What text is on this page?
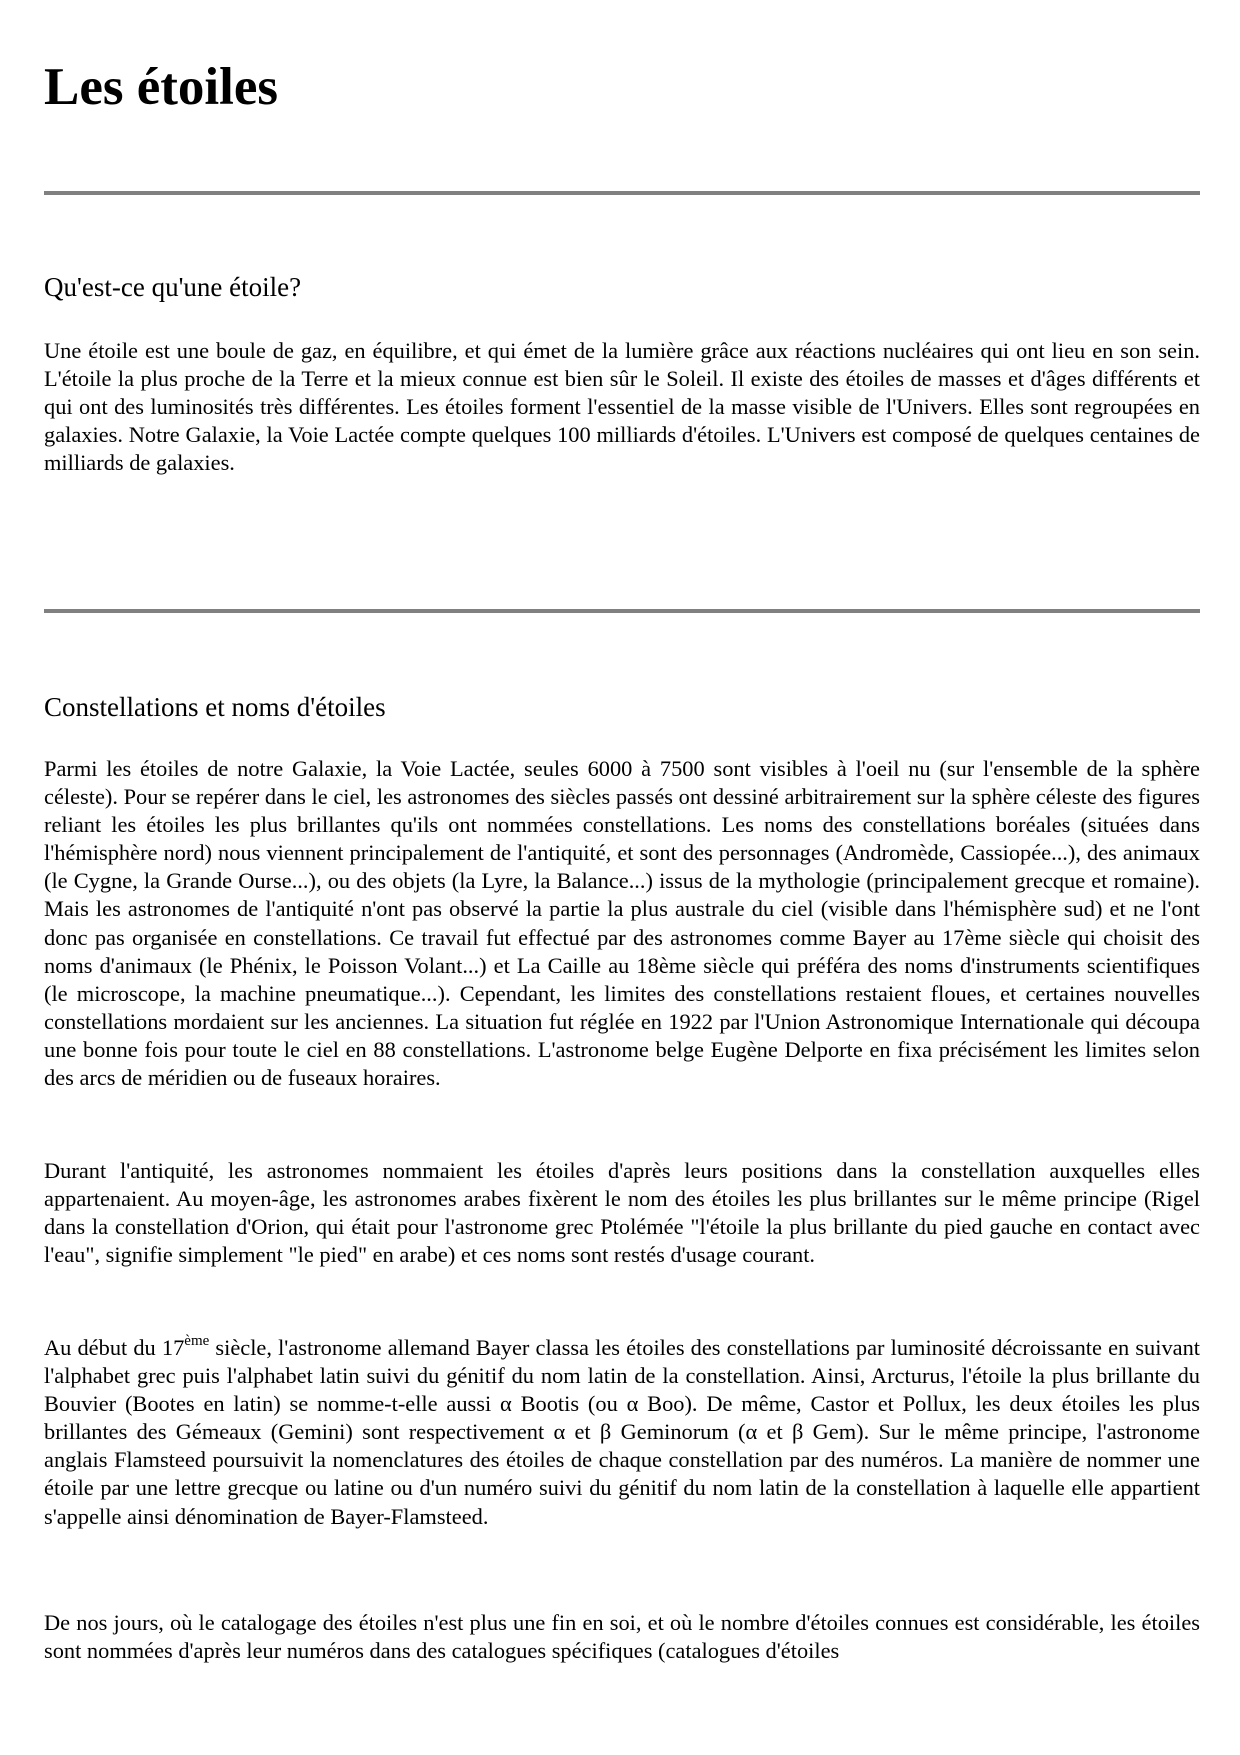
Les étoiles
Qu'est-ce qu'une étoile?

Une étoile est une boule de gaz, en équilibre, et qui émet de la lumière grâce aux réactions nucléaires qui ont lieu en son sein. L'étoile la plus proche de la Terre et la mieux connue est bien sûr le Soleil. Il existe des étoiles de masses et d'âges différents et qui ont des luminosités très différentes. Les étoiles forment l'essentiel de la masse visible de l'Univers. Elles sont regroupées en galaxies. Notre Galaxie, la Voie Lactée compte quelques 100 milliards d'étoiles. L'Univers est composé de quelques centaines de milliards de galaxies.

Constellations et noms d'étoiles

Parmi les étoiles de notre Galaxie, la Voie Lactée, seules 6000 à 7500 sont visibles à l'oeil nu (sur l'ensemble de la sphère céleste). Pour se repérer dans le ciel, les astronomes des siècles passés ont dessiné arbitrairement sur la sphère céleste des figures reliant les étoiles les plus brillantes qu'ils ont nommées constellations. Les noms des constellations boréales (situées dans l'hémisphère nord) nous viennent principalement de l'antiquité, et sont des personnages (Andromède, Cassiopée...), des animaux (le Cygne, la Grande Ourse...), ou des objets (la Lyre, la Balance...) issus de la mythologie (principalement grecque et romaine). Mais les astronomes de l'antiquité n'ont pas observé la partie la plus australe du ciel (visible dans l'hémisphère sud) et ne l'ont donc pas organisée en constellations. Ce travail fut effectué par des astronomes comme Bayer au 17ème siècle qui choisit des noms d'animaux (le Phénix, le Poisson Volant...) et La Caille au 18ème siècle qui préféra des noms d'instruments scientifiques (le microscope, la machine pneumatique...). Cependant, les limites des constellations restaient floues, et certaines nouvelles constellations mordaient sur les anciennes. La situation fut réglée en 1922 par l'Union Astronomique Internationale qui découpa une bonne fois pour toute le ciel en 88 constellations. L'astronome belge Eugène Delporte en fixa précisément les limites selon des arcs de méridien ou de fuseaux horaires.

Durant l'antiquité, les astronomes nommaient les étoiles d'après leurs positions dans la constellation auxquelles elles appartenaient. Au moyen-âge, les astronomes arabes fixèrent le nom des étoiles les plus brillantes sur le même principe (Rigel dans la constellation d'Orion, qui était pour l'astronome grec Ptolémée "l'étoile la plus brillante du pied gauche en contact avec l'eau", signifie simplement "le pied" en arabe) et ces noms sont restés d'usage courant.

Au début du 17ème siècle, l'astronome allemand Bayer classa les étoiles des constellations par luminosité décroissante en suivant l'alphabet grec puis l'alphabet latin suivi du génitif du nom latin de la constellation. Ainsi, Arcturus, l'étoile la plus brillante du Bouvier (Bootes en latin) se nomme-t-elle aussi α Bootis (ou α Boo). De même, Castor et Pollux, les deux étoiles les plus brillantes des Gémeaux (Gemini) sont respectivement α et β Geminorum (α et β Gem). Sur le même principe, l'astronome anglais Flamsteed poursuivit la nomenclatures des étoiles de chaque constellation par des numéros. La manière de nommer une étoile par une lettre grecque ou latine ou d'un numéro suivi du génitif du nom latin de la constellation à laquelle elle appartient s'appelle ainsi dénomination de Bayer-Flamsteed.

De nos jours, où le catalogage des étoiles n'est plus une fin en soi, et où le nombre d'étoiles connues est considérable, les étoiles sont nommées d'après leur numéros dans des catalogues spécifiques (catalogues d'étoiles
